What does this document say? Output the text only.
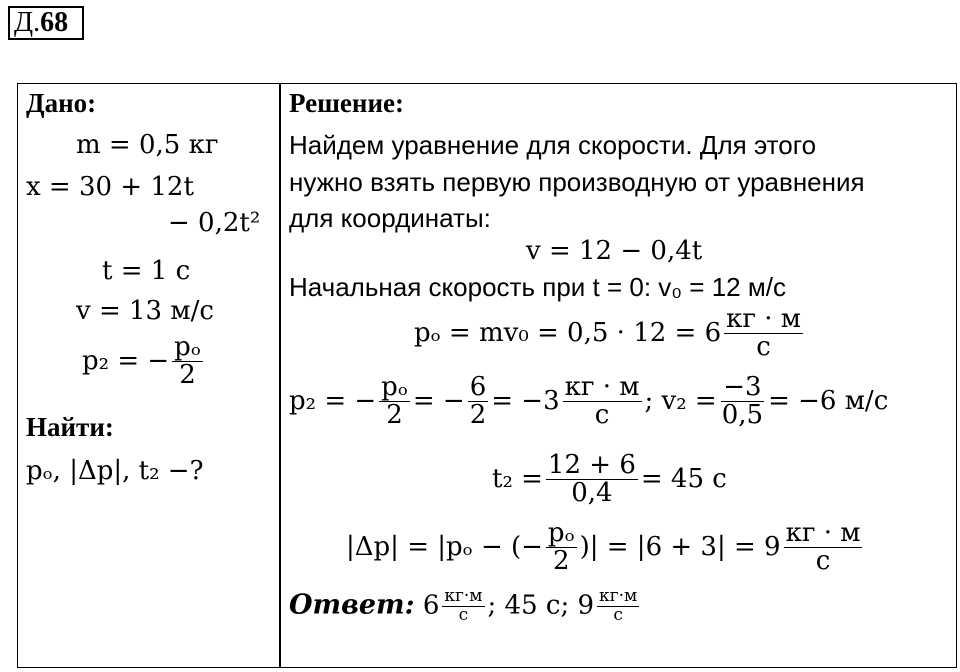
Д.68
Дано:
m = 0,5 кг
x = 30 + 12t
− 0,2t²
t = 1 с
v = 13 м/с
p₂ = − $\frac{\text{pₒ}}{2}$
Найти:
pₒ, |Δp|, t₂ −?
Решение:
Найдем уравнение для скорости. Для этого
нужно взять первую производную от уравнения
для координаты:
v = 12 − 0,4t
Начальная скорость при t = 0: v₀ = 12 м/с
$p_o = mv_0 = 0,5 \cdot 12 = 6 \frac{кг \cdot м}{с}$
p₂ = − $\frac{\text{pₒ}}{2}$ = − $\frac{6}{2} = -3 \frac{кг \cdot м}{с}$ ; $v_2 = \frac{-3}{0,5} = -6$ м/с
$t_2 = \frac{12 + 6}{0,4} = 45$ с
|Δp| = |pₒ − (− $\frac{\text{pₒ}}{2}$ )| = $|6 + 3| = 9 \frac{кг \cdot м}{с}$
Ответ: $6 \frac{кг\cdot м}{с}$ ; 45 с; $9 \frac{кг\cdot м}{с}$
